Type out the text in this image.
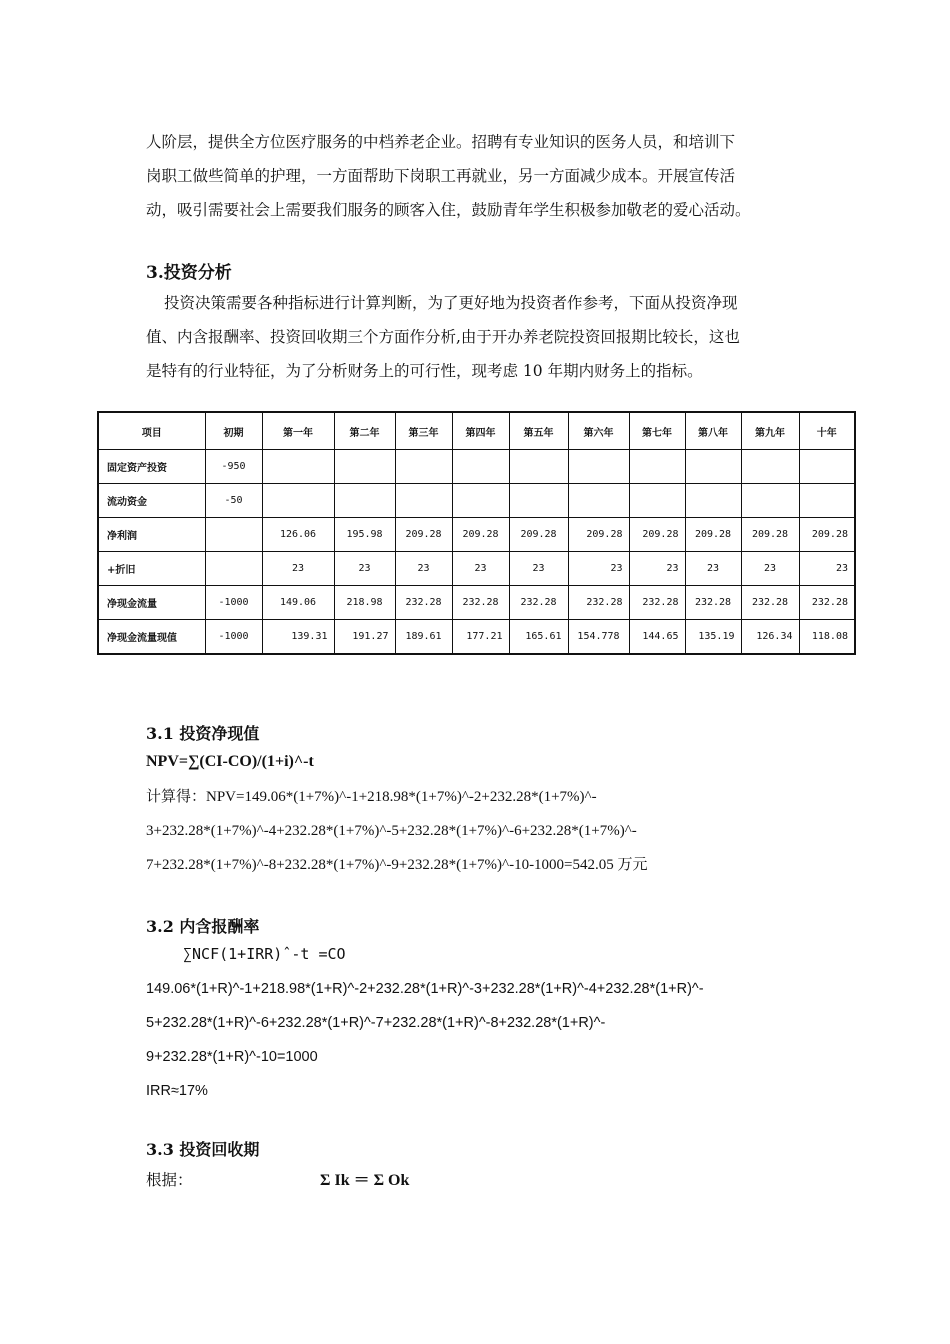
人阶层，提供全方位医疗服务的中档养老企业。招聘有专业知识的医务人员，和培训下
岗职工做些简单的护理，一方面帮助下岗职工再就业，另一方面减少成本。开展宣传活
动，吸引需要社会上需要我们服务的顾客入住，鼓励青年学生积极参加敬老的爱心活动。
3.投资分析
投资决策需要各种指标进行计算判断，为了更好地为投资者作参考，下面从投资净现
值、内含报酬率、投资回收期三个方面作分析,由于开办养老院投资回报期比较长，这也
是特有的行业特征，为了分析财务上的可行性，现考虑 10 年期内财务上的指标。
项目	初期	第一年	第二年	第三年	第四年	第五年	第六年	第七年	第八年	第九年	十年
固定资产投资	-950										
流动资金	-50										
净利润		126.06	195.98	209.28	209.28	209.28	209.28	209.28	209.28	209.28	209.28
+折旧		23	23	23	23	23	23	23	23	23	23
净现金流量	-1000	149.06	218.98	232.28	232.28	232.28	232.28	232.28	232.28	232.28	232.28
净现金流量现值	-1000	139.31	191.27	189.61	177.21	165.61	154.778	144.65	135.19	126.34	118.08
3.1 投资净现值
NPV=∑(CI-CO)/(1+i)^-t
计算得：NPV=149.06*(1+7%)^-1+218.98*(1+7%)^-2+232.28*(1+7%)^-
3+232.28*(1+7%)^-4+232.28*(1+7%)^-5+232.28*(1+7%)^-6+232.28*(1+7%)^-
7+232.28*(1+7%)^-8+232.28*(1+7%)^-9+232.28*(1+7%)^-10-1000=542.05 万元
3.2 内含报酬率
∑NCF(1+IRR)ˆ-t =CO
149.06*(1+R)^-1+218.98*(1+R)^-2+232.28*(1+R)^-3+232.28*(1+R)^-4+232.28*(1+R)^-
5+232.28*(1+R)^-6+232.28*(1+R)^-7+232.28*(1+R)^-8+232.28*(1+R)^-
9+232.28*(1+R)^-10=1000
IRR≈17%
3.3 投资回收期
根据：	Σ Ik ＝ Σ Ok
